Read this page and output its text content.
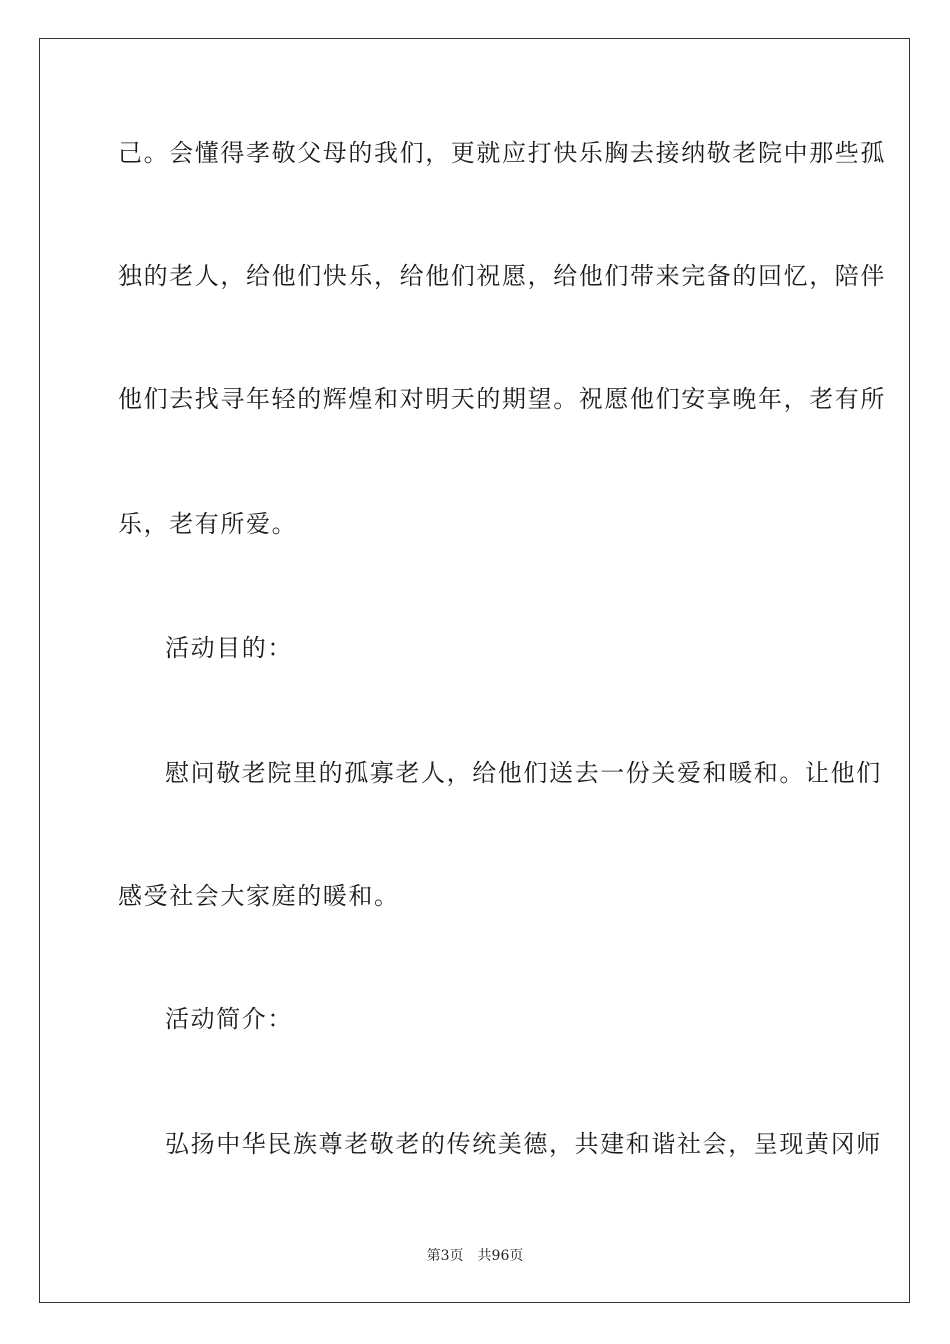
己。会懂得孝敬父母的我们，更就应打快乐胸去接纳敬老院中那些孤
独的老人，给他们快乐，给他们祝愿，给他们带来完备的回忆，陪伴
他们去找寻年轻的辉煌和对明天的期望。祝愿他们安享晚年，老有所
乐，老有所爱。
活动目的：
慰问敬老院里的孤寡老人，给他们送去一份关爱和暖和。让他们
感受社会大家庭的暖和。
活动简介：
弘扬中华民族尊老敬老的传统美德，共建和谐社会，呈现黄冈师
第3页 共96页
